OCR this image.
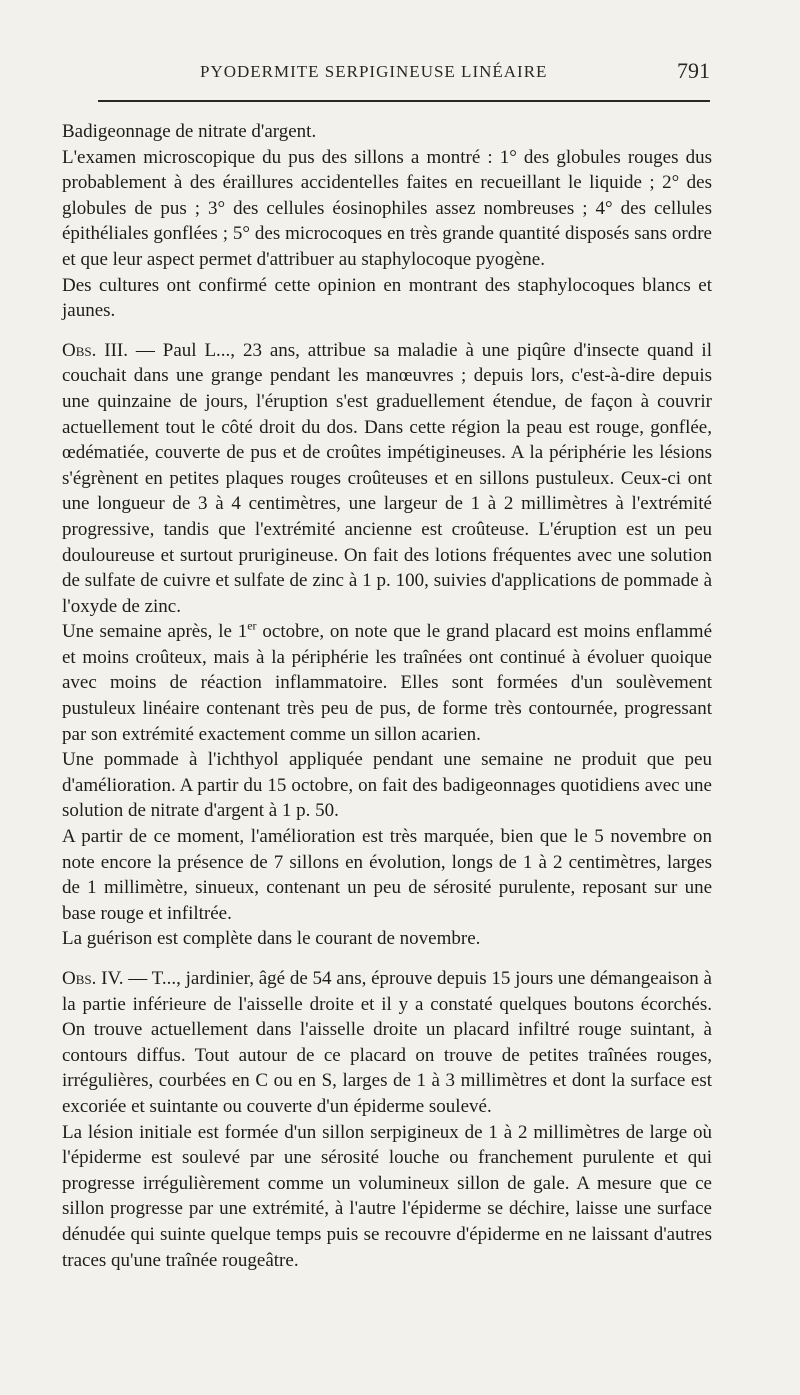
PYODERMITE SERPIGINEUSE LINÉAIRE	791

Badigeonnage de nitrate d'argent.

L'examen microscopique du pus des sillons a montré : 1° des globules rouges dus probablement à des éraillures accidentelles faites en recueillant le liquide ; 2° des globules de pus ; 3° des cellules éosinophiles assez nombreuses ; 4° des cellules épithéliales gonflées ; 5° des microcoques en très grande quantité disposés sans ordre et que leur aspect permet d'attribuer au staphylocoque pyogène.

Des cultures ont confirmé cette opinion en montrant des staphylocoques blancs et jaunes.

Obs. III. — Paul L..., 23 ans, attribue sa maladie à une piqûre d'insecte quand il couchait dans une grange pendant les manœuvres ; depuis lors, c'est-à-dire depuis une quinzaine de jours, l'éruption s'est graduellement étendue, de façon à couvrir actuellement tout le côté droit du dos. Dans cette région la peau est rouge, gonflée, œdématiée, couverte de pus et de croûtes impétigineuses. A la périphérie les lésions s'égrènent en petites plaques rouges croûteuses et en sillons pustuleux. Ceux-ci ont une longueur de 3 à 4 centimètres, une largeur de 1 à 2 millimètres à l'extrémité progressive, tandis que l'extrémité ancienne est croûteuse. L'éruption est un peu douloureuse et surtout prurigineuse. On fait des lotions fréquentes avec une solution de sulfate de cuivre et sulfate de zinc à 1 p. 100, suivies d'applications de pommade à l'oxyde de zinc.

Une semaine après, le 1er octobre, on note que le grand placard est moins enflammé et moins croûteux, mais à la périphérie les traînées ont continué à évoluer quoique avec moins de réaction inflammatoire. Elles sont formées d'un soulèvement pustuleux linéaire contenant très peu de pus, de forme très contournée, progressant par son extrémité exactement comme un sillon acarien.

Une pommade à l'ichthyol appliquée pendant une semaine ne produit que peu d'amélioration. A partir du 15 octobre, on fait des badigeonnages quotidiens avec une solution de nitrate d'argent à 1 p. 50.

A partir de ce moment, l'amélioration est très marquée, bien que le 5 novembre on note encore la présence de 7 sillons en évolution, longs de 1 à 2 centimètres, larges de 1 millimètre, sinueux, contenant un peu de sérosité purulente, reposant sur une base rouge et infiltrée.

La guérison est complète dans le courant de novembre.

Obs. IV. — T..., jardinier, âgé de 54 ans, éprouve depuis 15 jours une démangeaison à la partie inférieure de l'aisselle droite et il y a constaté quelques boutons écorchés. On trouve actuellement dans l'aisselle droite un placard infiltré rouge suintant, à contours diffus. Tout autour de ce placard on trouve de petites traînées rouges, irrégulières, courbées en C ou en S, larges de 1 à 3 millimètres et dont la surface est excoriée et suintante ou couverte d'un épiderme soulevé.

La lésion initiale est formée d'un sillon serpigineux de 1 à 2 millimètres de large où l'épiderme est soulevé par une sérosité louche ou franchement purulente et qui progresse irrégulièrement comme un volumineux sillon de gale. A mesure que ce sillon progresse par une extrémité, à l'autre l'épiderme se déchire, laisse une surface dénudée qui suinte quelque temps puis se recouvre d'épiderme en ne laissant d'autres traces qu'une traînée rougeâtre.
